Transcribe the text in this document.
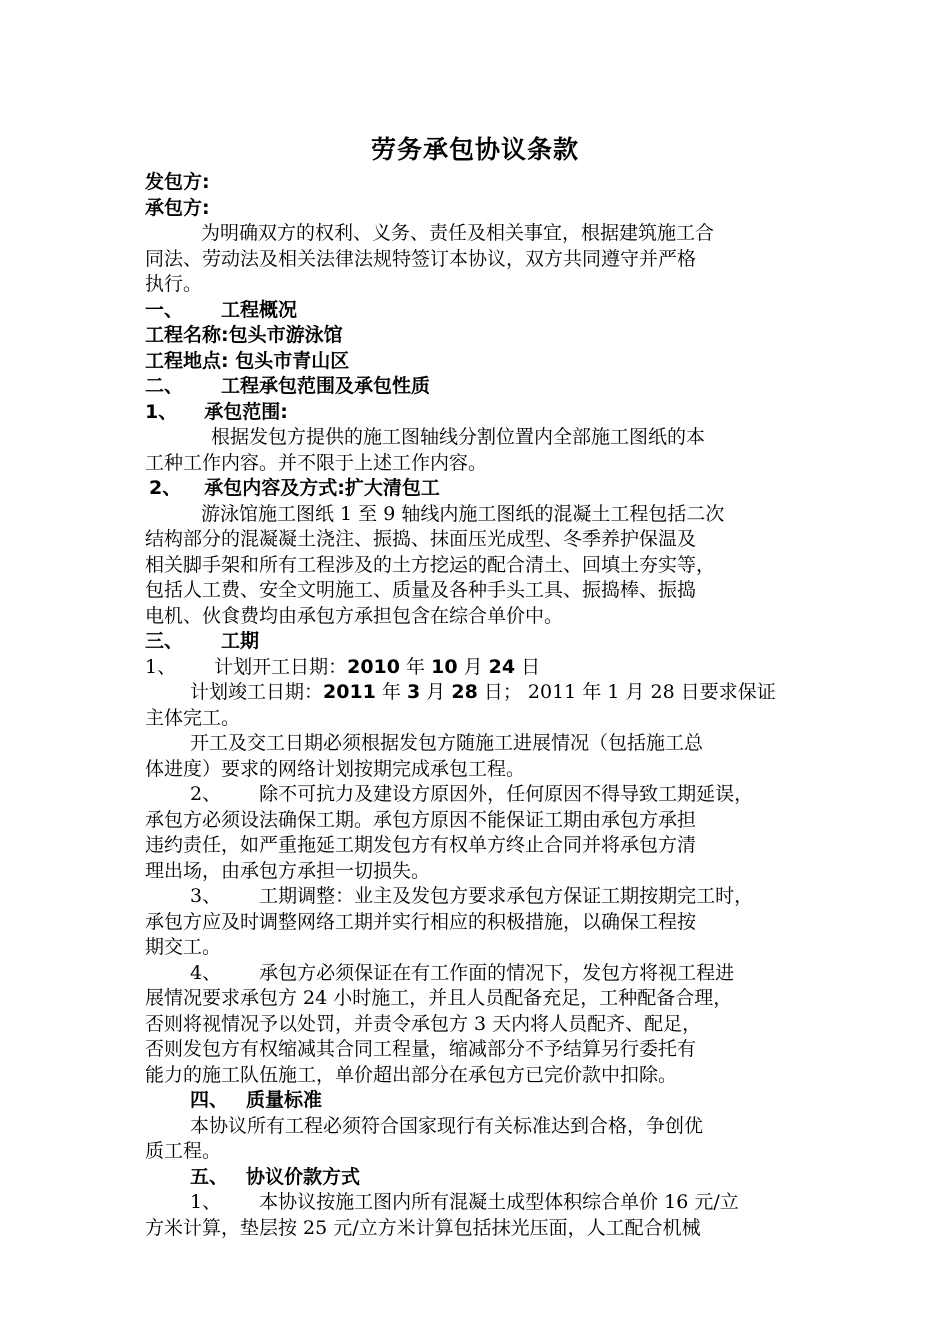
劳务承包协议条款

发包方:

承包方:

为明确双方的权利、义务、责任及相关事宜，根据建筑施工合

同法、劳动法及相关法律法规特签订本协议，双方共同遵守并严格

执行。

一、 工程概况

工程名称:包头市游泳馆

工程地点: 包头市青山区

二、 工程承包范围及承包性质

1、 承包范围:

根据发包方提供的施工图轴线分割位置内全部施工图纸的本

工种工作内容。并不限于上述工作内容。

2、 承包内容及方式:扩大清包工

游泳馆施工图纸 1 至 9 轴线内施工图纸的混凝土工程包括二次

结构部分的混凝凝土浇注、振捣、抹面压光成型、冬季养护保温及

相关脚手架和所有工程涉及的土方挖运的配合清土、回填土夯实等，

包括人工费、安全文明施工、质量及各种手头工具、振捣棒、振捣

电机、伙食费均由承包方承担包含在综合单价中。

三、 工期

1、 计划开工日期：2010 年 10 月 24 日

计划竣工日期：2011 年 3 月 28 日； 2011 年 1 月 28 日要求保证

主体完工。

开工及交工日期必须根据发包方随施工进展情况（包括施工总

体进度）要求的网络计划按期完成承包工程。

2、 除不可抗力及建设方原因外，任何原因不得导致工期延误，

承包方必须设法确保工期。承包方原因不能保证工期由承包方承担

违约责任，如严重拖延工期发包方有权单方终止合同并将承包方清

理出场，由承包方承担一切损失。

3、 工期调整：业主及发包方要求承包方保证工期按期完工时，

承包方应及时调整网络工期并实行相应的积极措施，以确保工程按

期交工。

4、 承包方必须保证在有工作面的情况下，发包方将视工程进

展情况要求承包方 24 小时施工，并且人员配备充足，工种配备合理，

否则将视情况予以处罚，并责令承包方 3 天内将人员配齐、配足，

否则发包方有权缩减其合同工程量，缩减部分不予结算另行委托有

能力的施工队伍施工，单价超出部分在承包方已完价款中扣除。

四、 质量标准

本协议所有工程必须符合国家现行有关标准达到合格，争创优

质工程。

五、 协议价款方式

1、 本协议按施工图内所有混凝土成型体积综合单价 16 元/立

方米计算，垫层按 25 元/立方米计算包括抹光压面，人工配合机械
